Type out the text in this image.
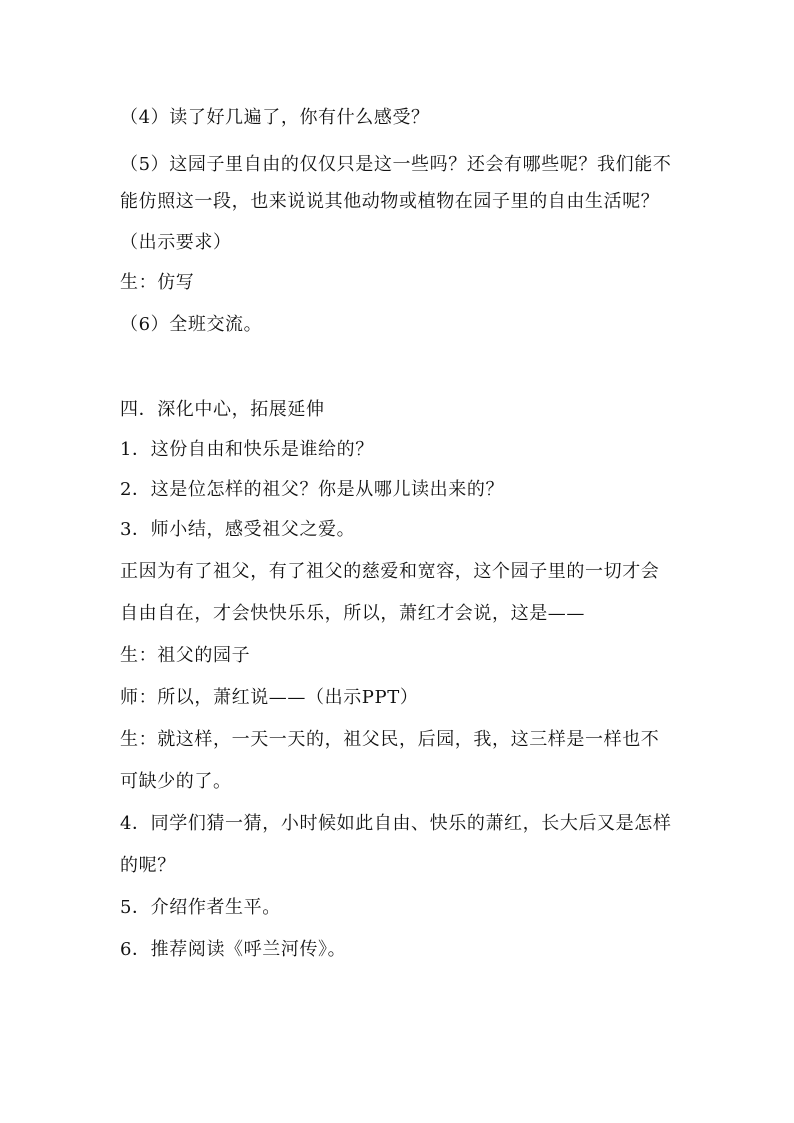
（4）读了好几遍了，你有什么感受？
（5）这园子里自由的仅仅只是这一些吗？还会有哪些呢？我们能不
能仿照这一段，也来说说其他动物或植物在园子里的自由生活呢？
（出示要求）
生：仿写
（6）全班交流。
四．深化中心，拓展延伸
1．这份自由和快乐是谁给的？
2．这是位怎样的祖父？你是从哪儿读出来的？
3．师小结，感受祖父之爱。
正因为有了祖父，有了祖父的慈爱和宽容，这个园子里的一切才会
自由自在，才会快快乐乐，所以，萧红才会说，这是——
生：祖父的园子
师：所以，萧红说——（出示PPT）
生：就这样，一天一天的，祖父民，后园，我，这三样是一样也不
可缺少的了。
4．同学们猜一猜，小时候如此自由、快乐的萧红，长大后又是怎样
的呢？
5．介绍作者生平。
6．推荐阅读《呼兰河传》。
